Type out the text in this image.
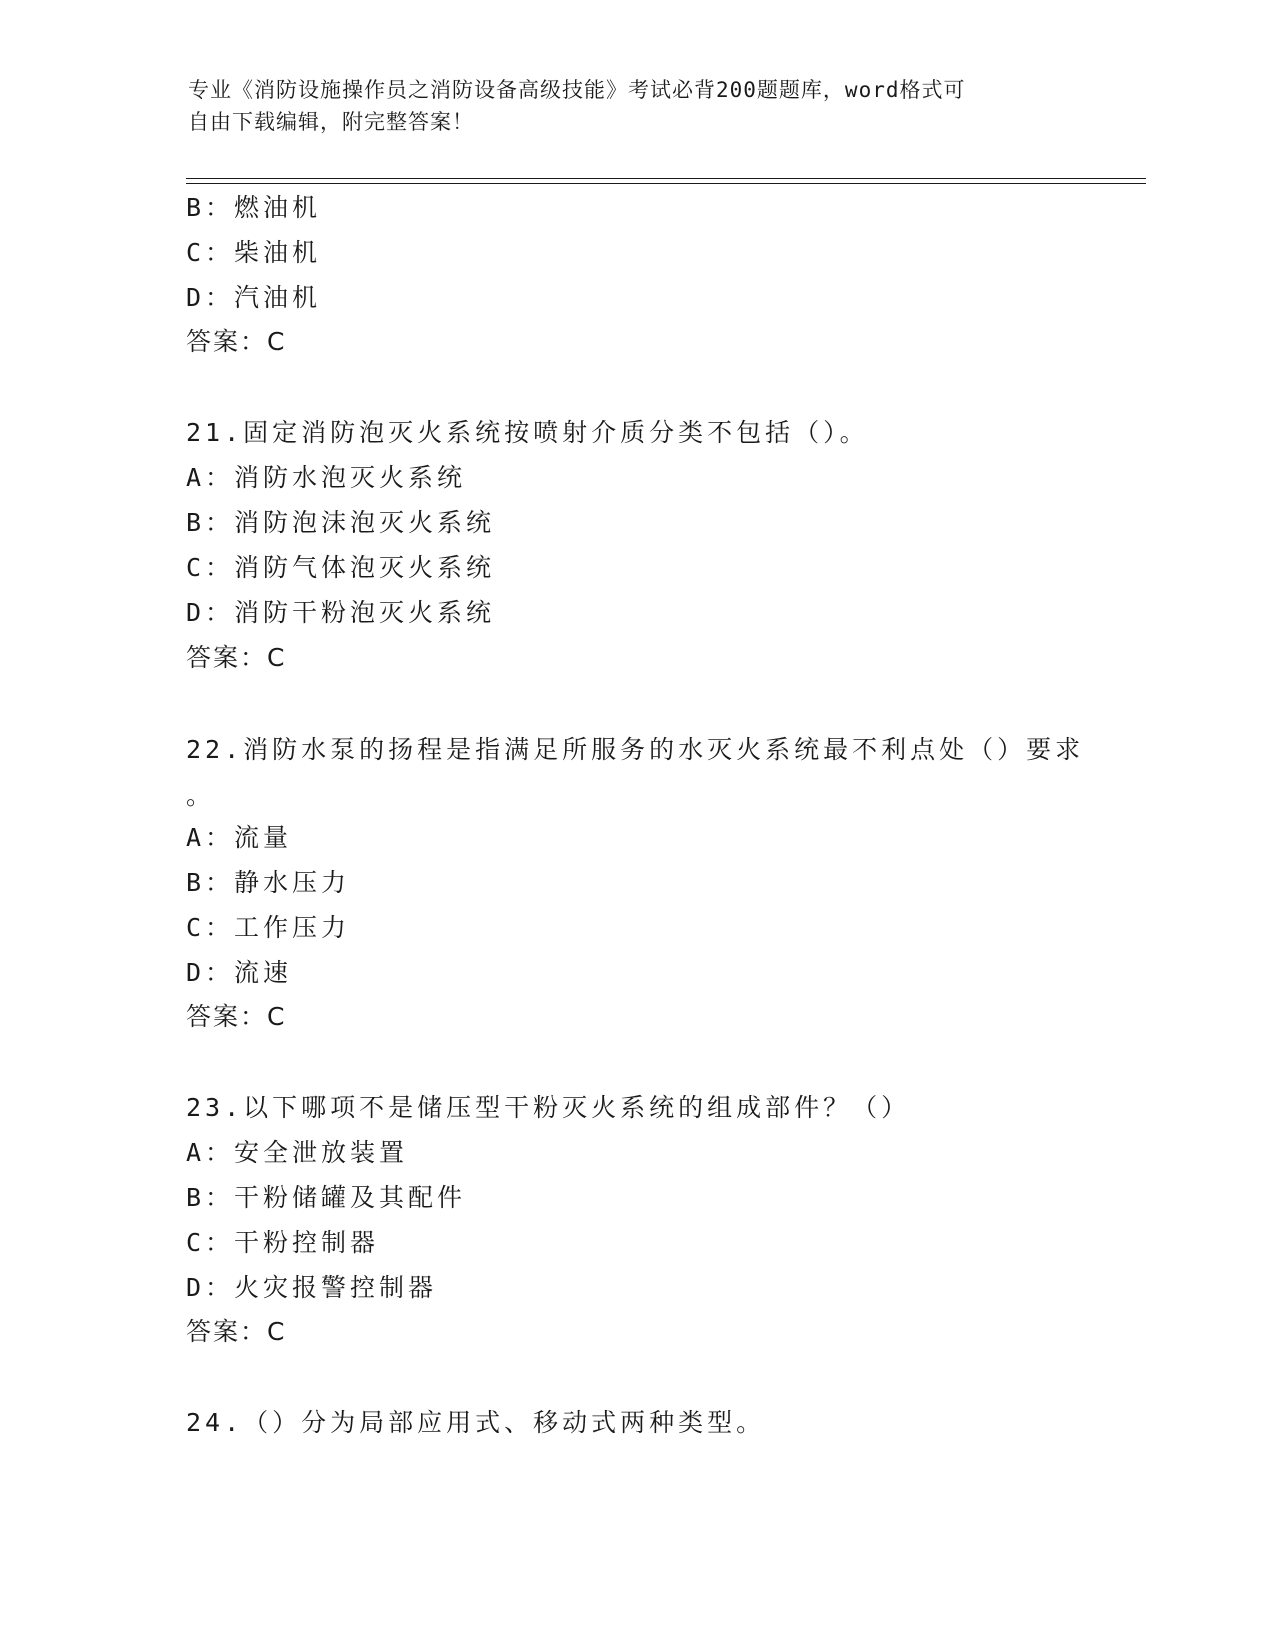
专业《消防设施操作员之消防设备高级技能》考试必背200题题库，word格式可
自由下载编辑，附完整答案！
B：燃油机
C：柴油机
D：汽油机
答案：C
21.固定消防泡灭火系统按喷射介质分类不包括（）。
A：消防水泡灭火系统
B：消防泡沫泡灭火系统
C：消防气体泡灭火系统
D：消防干粉泡灭火系统
答案：C
22.消防水泵的扬程是指满足所服务的水灭火系统最不利点处（）要求
。
A：流量
B：静水压力
C：工作压力
D：流速
答案：C
23.以下哪项不是储压型干粉灭火系统的组成部件？（）
A：安全泄放装置
B：干粉储罐及其配件
C：干粉控制器
D：火灾报警控制器
答案：C
24.（）分为局部应用式、移动式两种类型。
